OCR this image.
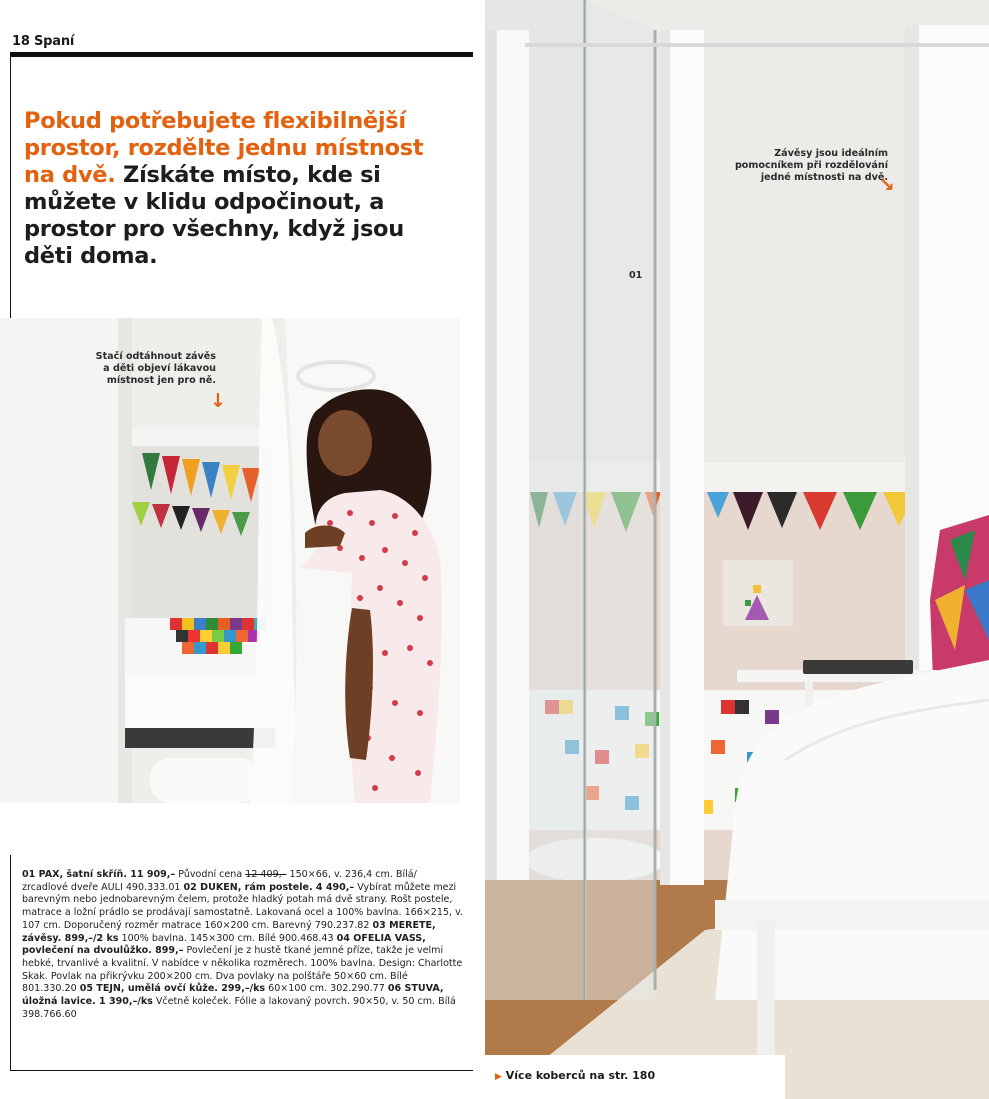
18 Spaní
Pokud potřebujete flexibilnější prostor, rozdělte jednu místnost na dvě. Získáte místo, kde si můžete v klidu odpočinout, a prostor pro všechny, když jsou děti doma.
Stačí odtáhnout závěs
a děti objeví lákavou
místnost jen pro ně.
↓
01 PAX, šatní skříň. 11 909,– Původní cena 12 409,– 150×66, v. 236,4 cm. Bílá/ zrcadlové dveře AULI 490.333.01 02 DUKEN, rám postele. 4 490,– Vybírat můžete mezi barevným nebo jednobarevným čelem, protože hladký potah má dvě strany. Rošt postele, matrace a ložní prádlo se prodávají samostatně. Lakovaná ocel a 100% bavlna. 166×215, v. 107 cm. Doporučený rozměr matrace 160×200 cm. Barevný 790.237.82 03 MERETE, závěsy. 899,–/2 ks 100% bavlna. 145×300 cm. Bílé 900.468.43 04 OFELIA VASS, povlečení na dvoulůžko. 899,– Povlečení je z hustě tkané jemné příze, takže je velmi hebké, trvanlivé a kvalitní. V nabídce v několika rozměrech. 100% bavlna. Design: Charlotte Skak. Povlak na přikrývku 200×200 cm. Dva povlaky na polštáře 50×60 cm. Bílé 801.330.20 05 TEJN, umělá ovčí kůže. 299,–/ks 60×100 cm. 302.290.77 06 STUVA, úložná lavice. 1 390,–/ks Včetně koleček. Fólie a lakovaný povrch. 90×50, v. 50 cm. Bílá 398.766.60
Závěsy jsou ideálním
pomocníkem při rozdělování
jedné místnosti na dvě.
↓
01
▶ Více koberců na str. 180
